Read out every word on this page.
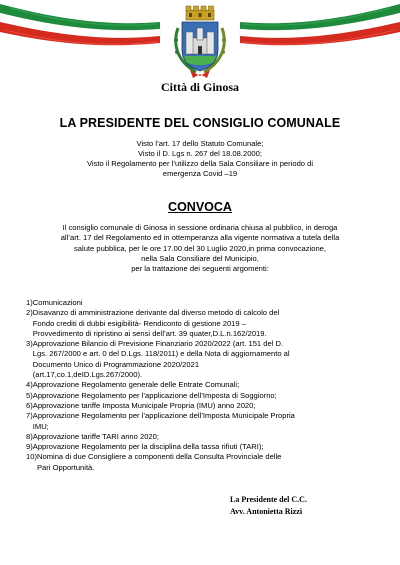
Città di Ginosa
LA PRESIDENTE DEL CONSIGLIO COMUNALE
Visto l’art. 17 dello Statuto Comunale;
Visto il D. Lgs n. 267 del 18.08.2000;
Visto il Regolamento per l’utilizzo della Sala Consiliare in periodo di
emergenza Covid –19
CONVOCA
Il consiglio comunale di Ginosa in sessione ordinaria chiusa al pubblico, in deroga
all’art. 17 del Regolamento ed in ottemperanza alla vigente normativa a tutela della
salute pubblica, per le ore 17.00 del 30 Luglio 2020,in prima convocazione,
nella Sala Consiliare del Municipio,
per la trattazione dei seguenti argomenti:
1) Comunicazioni
2) Disavanzo di amministrazione derivante dal diverso metodo di calcolo del
Fondo crediti di dubbi esigibilità- Rendiconto di gestione 2019 –
Provvedimento di ripristino ai sensi dell’art. 39 quater,D.L.n.162/2019.
3) Approvazione Bilancio di Previsione Finanziario 2020/2022 (art. 151 del D.
Lgs. 267/2000 e art. 0 del D.Lgs. 118/2011) e della Nota di aggiornamento al
Documento Unico di Programmazione 2020/2021
(art.17,co.1,deID.Lgs.267/2000).
4) Approvazione Regolamento generale delle Entrate Comunali;
5) Approvazione Regolamento per l’applicazione dell’Imposta di Soggiorno;
6) Approvazione tariffe Imposta Municipale Propria (IMU) anno 2020;
7) Approvazione Regolamento per l’applicazione dell’Imposta Municipale Propria
IMU;
8) Approvazione tariffe TARI anno 2020;
9) Approvazione Regolamento per la disciplina della tassa rifiuti (TARI);
10) Nomina di due Consigliere a componenti della Consulta Provinciale delle
Pari Opportunità.
La Presidente del C.C.
Avv. Antonietta Rizzi
